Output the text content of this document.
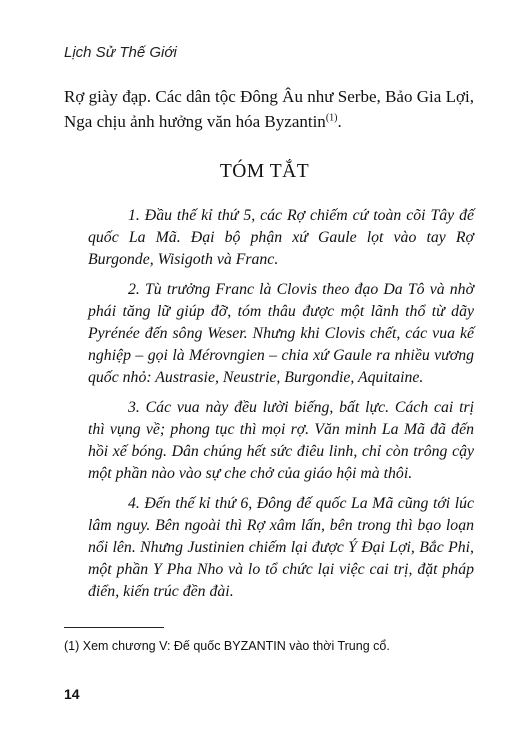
Lịch Sử Thế Giới
Rợ giày đạp. Các dân tộc Đông Âu như Serbe, Bảo Gia Lợi, Nga chịu ảnh hưởng văn hóa Byzantin$^{(1)}$.
TÓM TẮT

1. Đầu thế kỉ thứ 5, các Rợ chiếm cứ toàn cõi Tây đế quốc La Mã. Đại bộ phận xứ Gaule lọt vào tay Rợ Burgonde, Wisigoth và Franc.

2. Tù trưởng Franc là Clovis theo đạo Da Tô và nhờ phái tăng lữ giúp đỡ, tóm thâu được một lãnh thổ từ dãy Pyrénée đến sông Weser. Nhưng khi Clovis chết, các vua kế nghiệp – gọi là Mérovngien – chia xứ Gaule ra nhiều vương quốc nhỏ: Austrasie, Neustrie, Burgondie, Aquitaine.

3. Các vua này đều lười biếng, bất lực. Cách cai trị thì vụng về; phong tục thì mọi rợ. Văn minh La Mã đã đến hồi xế bóng. Dân chúng hết sức điêu linh, chỉ còn trông cậy một phần nào vào sự che chở của giáo hội mà thôi.

4. Đến thế kỉ thứ 6, Đông đế quốc La Mã cũng tới lúc lâm nguy. Bên ngoài thì Rợ xâm lấn, bên trong thì bạo loạn nổi lên. Nhưng Justinien chiếm lại được Ý Đại Lợi, Bắc Phi, một phần Y Pha Nho và lo tổ chức lại việc cai trị, đặt pháp điển, kiến trúc đền đài.

(1) Xem chương V: Đế quốc BYZANTIN vào thời Trung cổ.
14
